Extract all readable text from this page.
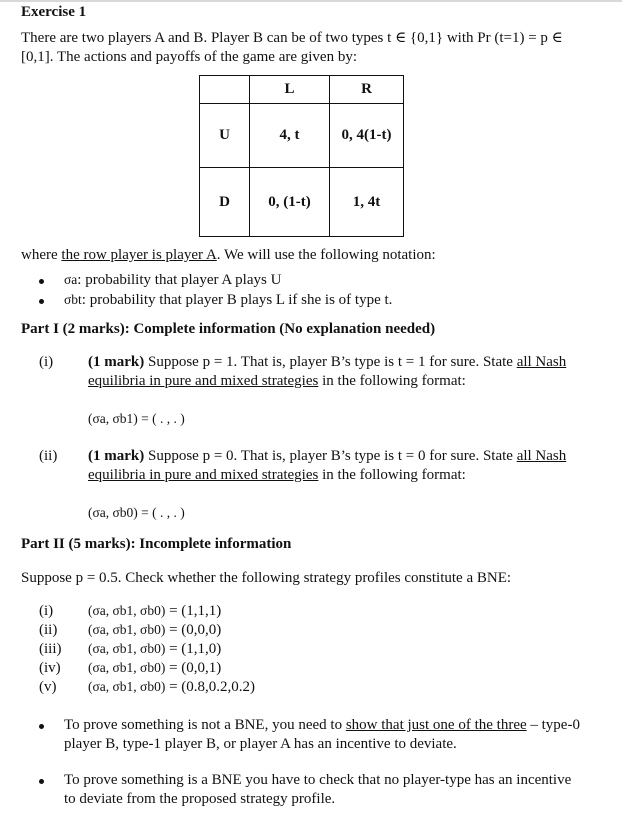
Exercise 1
There are two players A and B. Player B can be of two types t ∈ {0,1} with Pr (t=1) = p ∈
[0,1]. The actions and payoffs of the game are given by:
	L	R
U	4, t	0, 4(1-t)
D	0, (1-t)	1, 4t
where the row player is player A. We will use the following notation:
σa: probability that player A plays U
σbt: probability that player B plays L if she is of type t.
Part I (2 marks): Complete information (No explanation needed)
(i) (1 mark) Suppose p = 1. That is, player B’s type is t = 1 for sure. State all Nash
equilibria in pure and mixed strategies in the following format:
(σa, σb1) = ( . , . )
(ii) (1 mark) Suppose p = 0. That is, player B’s type is t = 0 for sure. State all Nash
equilibria in pure and mixed strategies in the following format:
(σa, σb0) = ( . , . )
Part II (5 marks): Incomplete information
Suppose p = 0.5. Check whether the following strategy profiles constitute a BNE:
(i)	(σa, σb1, σb0) = (1,1,1)
(ii) (σa, σb1, σb0) = (0,0,0)
(iii) (σa, σb1, σb0) = (1,1,0)
(iv) (σa, σb1, σb0) = (0,0,1)
(v) (σa, σb1, σb0) = (0.8,0.2,0.2)
To prove something is not a BNE, you need to show that just one of the three – type-0
player B, type-1 player B, or player A has an incentive to deviate.
To prove something is a BNE you have to check that no player-type has an incentive
to deviate from the proposed strategy profile.
